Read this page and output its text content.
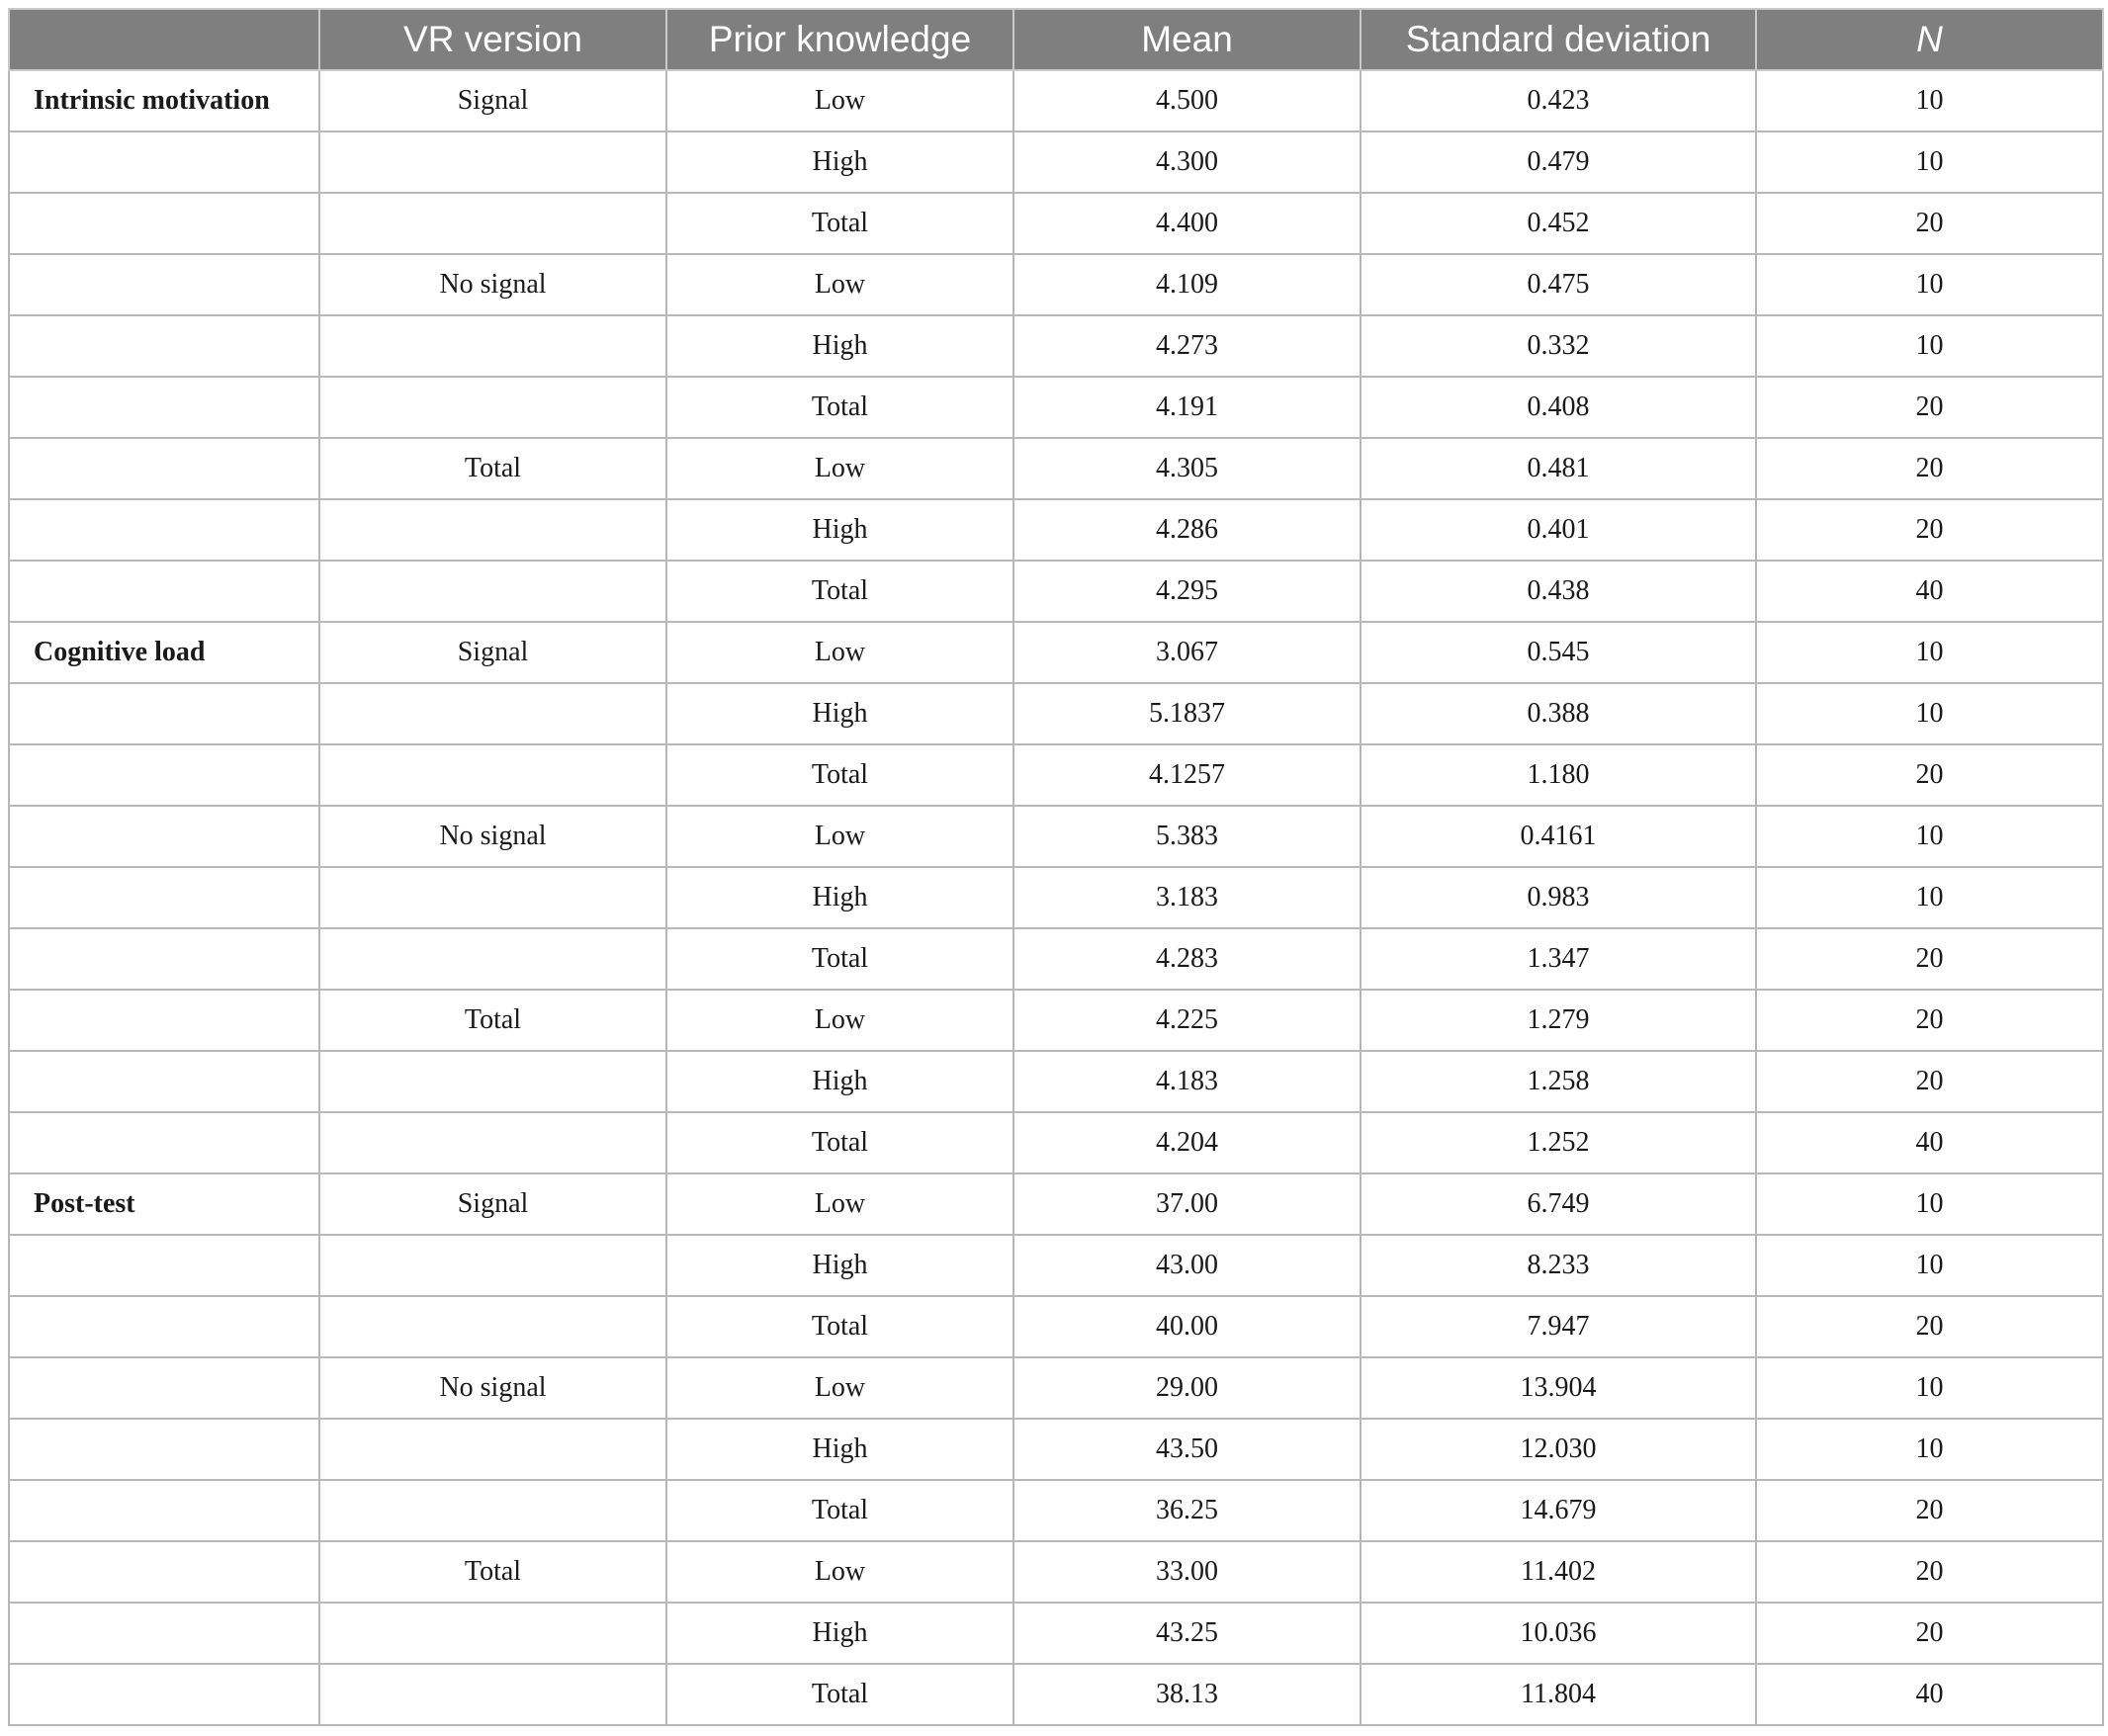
	VR version	Prior knowledge	Mean	Standard deviation	N
Intrinsic motivation	Signal	Low	4.500	0.423	10
		High	4.300	0.479	10
		Total	4.400	0.452	20
	No signal	Low	4.109	0.475	10
		High	4.273	0.332	10
		Total	4.191	0.408	20
	Total	Low	4.305	0.481	20
		High	4.286	0.401	20
		Total	4.295	0.438	40
Cognitive load	Signal	Low	3.067	0.545	10
		High	5.1837	0.388	10
		Total	4.1257	1.180	20
	No signal	Low	5.383	0.4161	10
		High	3.183	0.983	10
		Total	4.283	1.347	20
	Total	Low	4.225	1.279	20
		High	4.183	1.258	20
		Total	4.204	1.252	40
Post-test	Signal	Low	37.00	6.749	10
		High	43.00	8.233	10
		Total	40.00	7.947	20
	No signal	Low	29.00	13.904	10
		High	43.50	12.030	10
		Total	36.25	14.679	20
	Total	Low	33.00	11.402	20
		High	43.25	10.036	20
		Total	38.13	11.804	40
